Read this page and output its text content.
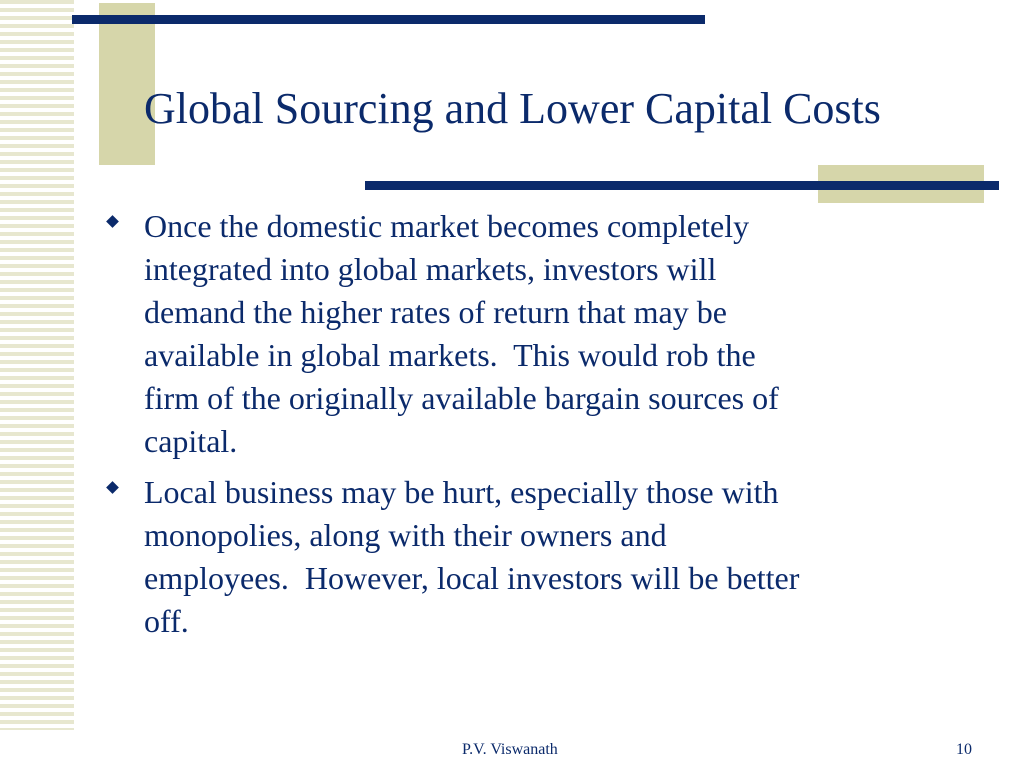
Global Sourcing and Lower Capital Costs
Once the domestic market becomes completely
integrated into global markets, investors will
demand the higher rates of return that may be
available in global markets.  This would rob the
firm of the originally available bargain sources of
capital.
Local business may be hurt, especially those with
monopolies, along with their owners and
employees.  However, local investors will be better
off.
P.V. Viswanath	10
